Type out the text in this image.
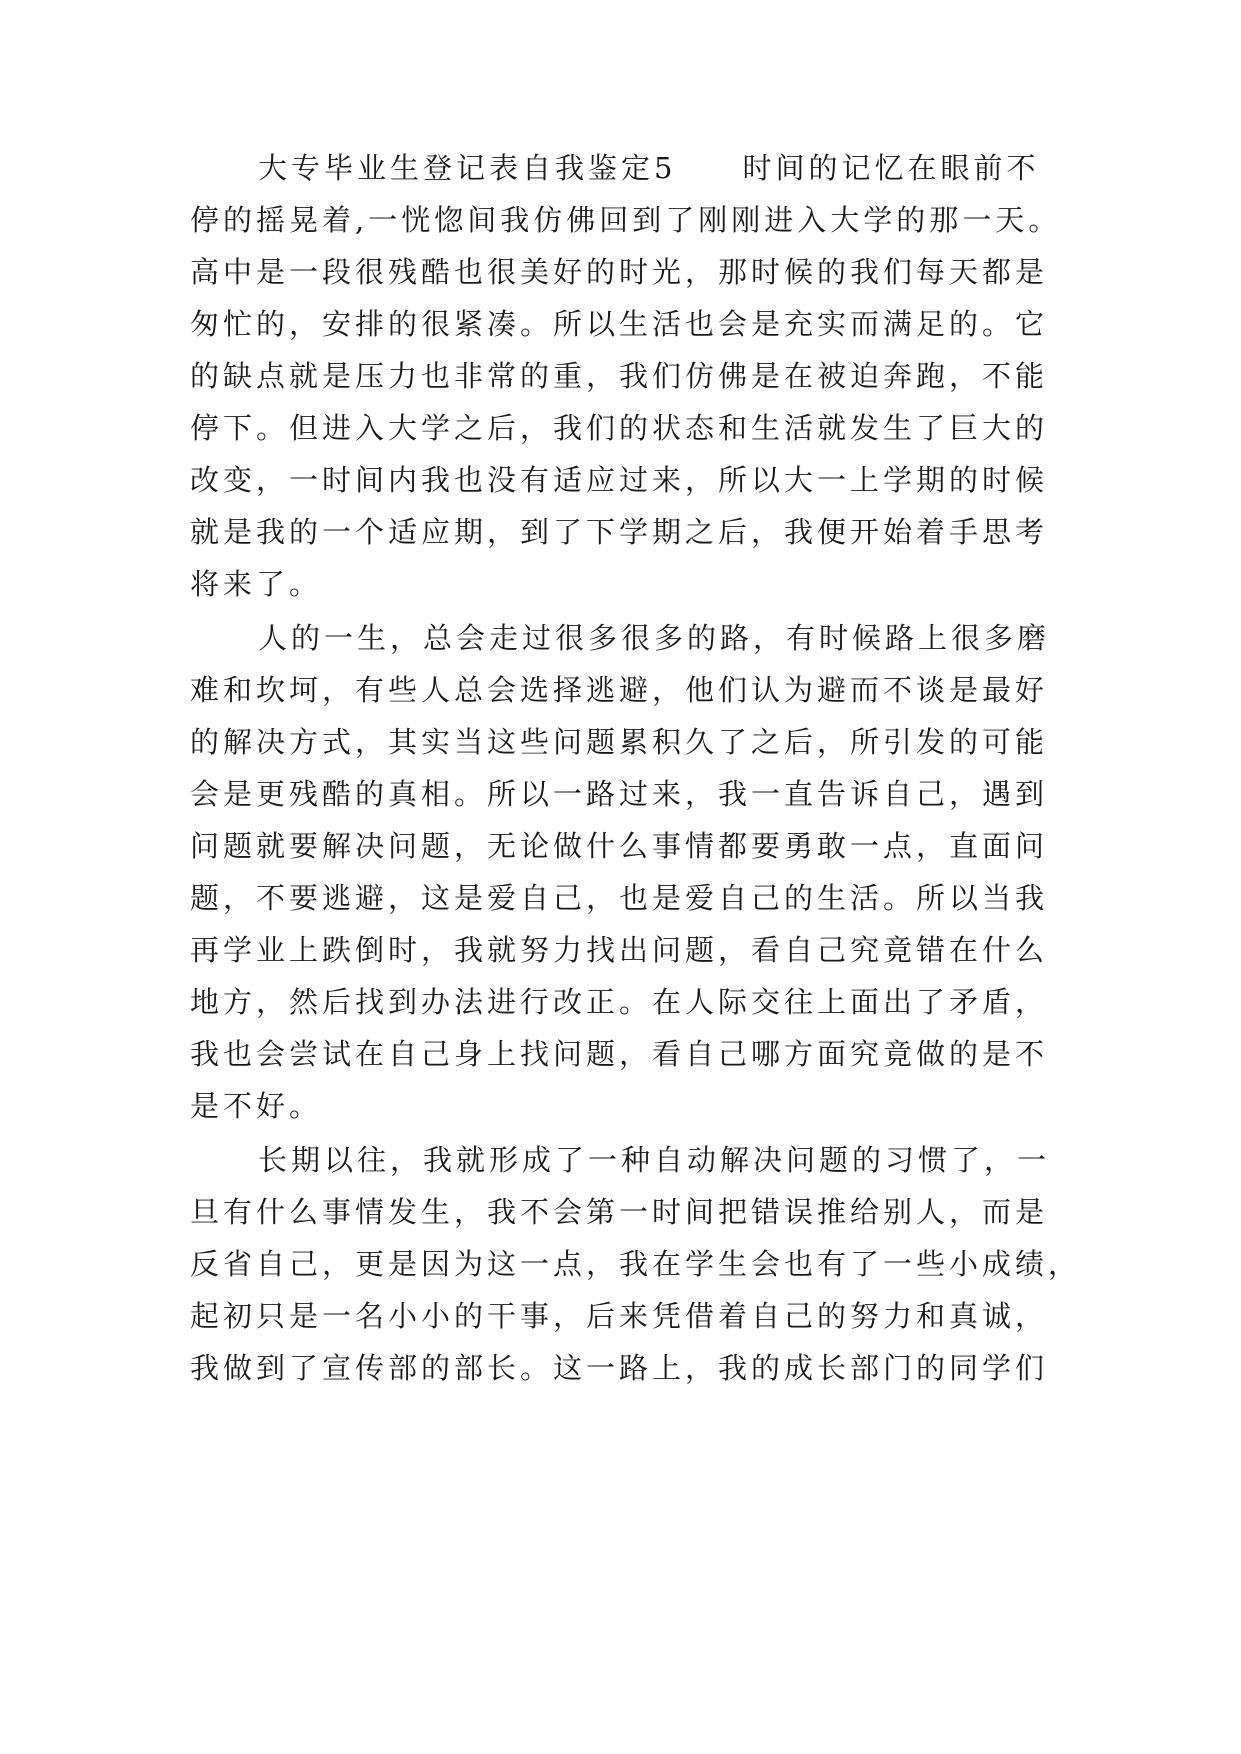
大专毕业生登记表自我鉴定5　　时间的记忆在眼前不
停的摇晃着,一恍惚间我仿佛回到了刚刚进入大学的那一天。
高中是一段很残酷也很美好的时光，那时候的我们每天都是
匆忙的，安排的很紧凑。所以生活也会是充实而满足的。它
的缺点就是压力也非常的重，我们仿佛是在被迫奔跑，不能
停下。但进入大学之后，我们的状态和生活就发生了巨大的
改变，一时间内我也没有适应过来，所以大一上学期的时候
就是我的一个适应期，到了下学期之后，我便开始着手思考
将来了。
人的一生，总会走过很多很多的路，有时候路上很多磨
难和坎坷，有些人总会选择逃避，他们认为避而不谈是最好
的解决方式，其实当这些问题累积久了之后，所引发的可能
会是更残酷的真相。所以一路过来，我一直告诉自己，遇到
问题就要解决问题，无论做什么事情都要勇敢一点，直面问
题，不要逃避，这是爱自己，也是爱自己的生活。所以当我
再学业上跌倒时，我就努力找出问题，看自己究竟错在什么
地方，然后找到办法进行改正。在人际交往上面出了矛盾，
我也会尝试在自己身上找问题，看自己哪方面究竟做的是不
是不好。
长期以往，我就形成了一种自动解决问题的习惯了，一
旦有什么事情发生，我不会第一时间把错误推给别人，而是
反省自己，更是因为这一点，我在学生会也有了一些小成绩，
起初只是一名小小的干事，后来凭借着自己的努力和真诚，
我做到了宣传部的部长。这一路上，我的成长部门的同学们
